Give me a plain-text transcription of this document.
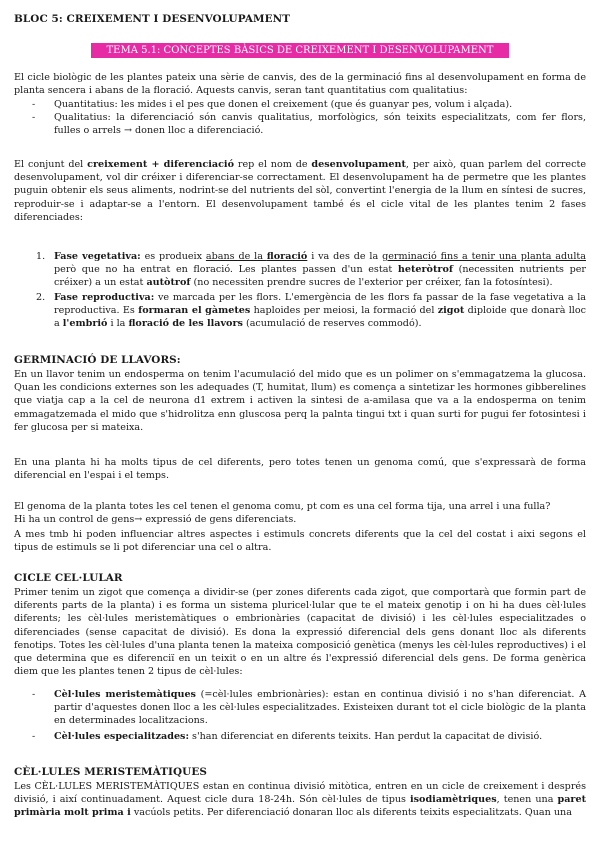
BLOC 5: CREIXEMENT I DESENVOLUPAMENT
TEMA 5.1: CONCEPTES BÀSICS DE CREIXEMENT I DESENVOLUPAMENT

El cicle biològic de les plantes pateix una sèrie de canvis, des de la germinació fins al desenvolupament en forma de planta sencera i abans de la floració. Aquests canvis, seran tant quantitatius com qualitatius:

- Quantitatius: les mides i el pes que donen el creixement (que és guanyar pes, volum i alçada).
- Qualitatius: la diferenciació són canvis qualitatius, morfològics, són teixits especialitzats, com fer flors, fulles o arrels → donen lloc a diferenciació.

El conjunt del creixement + diferenciació rep el nom de desenvolupament, per això, quan parlem del correcte desenvolupament, vol dir créixer i diferenciar-se correctament. El desenvolupament ha de permetre que les plantes puguin obtenir els seus aliments, nodrint-se del nutrients del sòl, convertint l'energia de la llum en síntesi de sucres, reproduir-se i adaptar-se a l'entorn. El desenvolupament també és el cicle vital de les plantes tenim 2 fases diferenciades:

1. Fase vegetativa: es produeix abans de la floració i va des de la germinació fins a tenir una planta adulta però que no ha entrat en floració. Les plantes passen d'un estat heteròtrof (necessiten nutrients per créixer) a un estat autòtrof (no necessiten prendre sucres de l'exterior per créixer, fan la fotosíntesi).
2. Fase reproductiva: ve marcada per les flors. L'emergència de les flors fa passar de la fase vegetativa a la reproductiva. Es formaran el gàmetes haploides per meiosi, la formació del zigot diploide que donarà lloc a l'embrió i la floració de les llavors (acumulació de reserves commodó).
GERMINACIÓ DE LLAVORS:

En un llavor tenim un endosperma on tenim l'acumulació del mido que es un polimer on s'emmagatzema la glucosa. Quan les condicions externes son les adequades (T, humitat, llum) es comença a sintetizar les hormones gibberelines que viatja cap a la cel de neurona d1 extrem i activen la sintesi de a-amilasa que va a la endosperma on tenim emmagatzemada el mido que s'hidrolitza enn gluscosa perq la palnta tingui txt i quan surti for pugui fer fotosintesi i fer glucosa per si mateixa.

En una planta hi ha molts tipus de cel diferents, pero totes tenen un genoma comú, que s'expressarà de forma diferencial en l'espai i el temps.

El genoma de la planta totes les cel tenen el genoma comu, pt com es una cel forma tija, una arrel i una fulla?
Hi ha un control de gens→ expressió de gens diferenciats.

A mes tmb hi poden influenciar altres aspectes i estimuls concrets diferents que la cel del costat i aixi segons el tipus de estimuls se li pot diferenciar una cel o altra.

CICLE CEL·LULAR

Primer tenim un zigot que comença a dividir-se (per zones diferents cada zigot, que comportarà que formin part de diferents parts de la planta) i es forma un sistema pluricel·lular que te el mateix genotip i on hi ha dues cèl·lules diferents; les cèl·lules meristemàtiques o embrionàries (capacitat de divisió) i les cèl·lules especialitzades o diferenciades (sense capacitat de divisió). Es dona la expressió diferencial dels gens donant lloc als diferents fenotips. Totes les cèl·lules d'una planta tenen la mateixa composició genètica (menys les cèl·lules reproductives) i el que determina que es diferenciï en un teixit o en un altre és l'expressió diferencial dels gens. De forma genèrica diem que les plantes tenen 2 tipus de cèl·lules:

- Cèl·lules meristemàtiques (=cèl·lules embrionàries): estan en continua divisió i no s'han diferenciat. A partir d'aquestes donen lloc a les cèl·lules especialitzades. Existeixen durant tot el cicle biològic de la planta en determinades localitzacions.
- Cèl·lules especialitzades: s'han diferenciat en diferents teixits. Han perdut la capacitat de divisió.
CÈL·LULES MERISTEMÀTIQUES

Les CÈL·LULES MERISTEMÀTIQUES estan en continua divisió mitòtica, entren en un cicle de creixement i després divisió, i així continuadament. Aquest cicle dura 18-24h. Són cèl·lules de tipus isodiamètriques, tenen una paret primària molt prima i vacúols petits. Per diferenciació donaran lloc als diferents teixits especialitzats. Quan una
